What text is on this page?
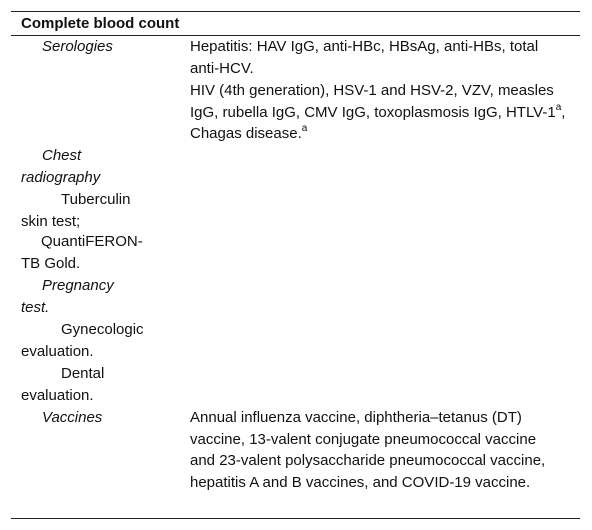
Complete blood count

Serologies	Hepatitis: HAV IgG, anti-HBc, HBsAg, anti-HBs, total anti-HCV.

HIV (4th generation), HSV-1 and HSV-2, VZV, measles IgG, rubella IgG, CMV IgG, toxoplasmosis IgG, HTLV-1$^a$, Chagas disease.$^a$

Chest radiography

Tuberculin skin test;

QuantiFERON-TB Gold.

Pregnancy test.

Gynecologic evaluation.

Dental evaluation.

Vaccines	Annual influenza vaccine, diphtheria–tetanus (DT) vaccine, 13-valent conjugate pneumococcal vaccine and 23-valent polysaccharide pneumococcal vaccine, hepatitis A and B vaccines, and COVID-19 vaccine.
